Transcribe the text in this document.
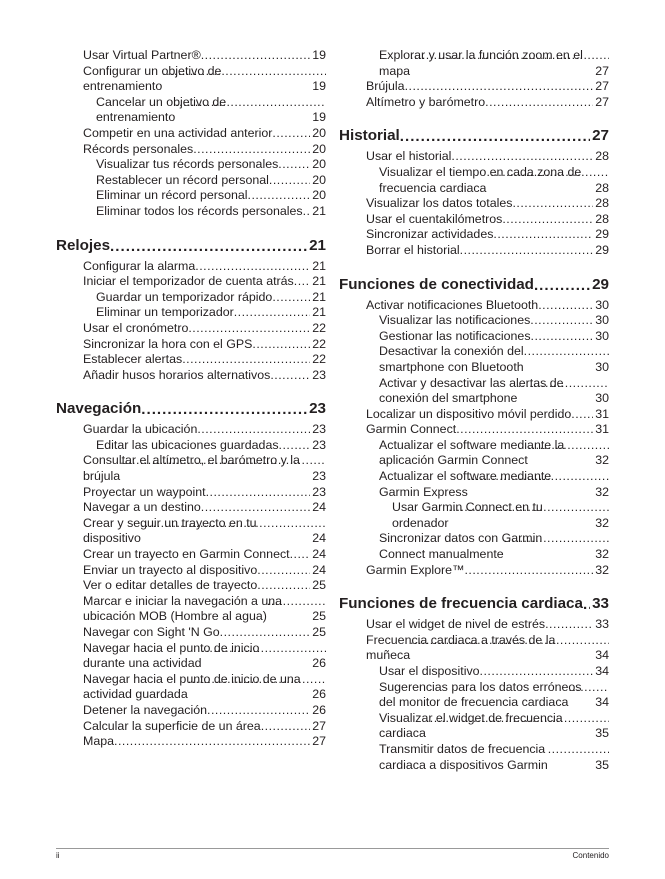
Usar Virtual Partner® .....	19
Configurar un objetivo de entrenamiento .....	19
Cancelar un objetivo de entrenamiento .....	19
Competir en una actividad anterior .....	20
Récords personales .....	20
Visualizar tus récords personales .....	20
Restablecer un récord personal .....	20
Eliminar un récord personal .....	20
Eliminar todos los récords personales ..... 21
Relojes .....	21
Configurar la alarma .....	21
Iniciar el temporizador de cuenta atrás ..... 21
Guardar un temporizador rápido .....	21
Eliminar un temporizador .....	21
Usar el cronómetro .....	22
Sincronizar la hora con el GPS .....	22
Establecer alertas .....	22
Añadir husos horarios alternativos .....	23
Navegación .....	23
Guardar la ubicación .....	23
Editar las ubicaciones guardadas .....	23
Consultar el altímetro, el barómetro y la brújula .....	23
Proyectar un waypoint .....	23
Navegar a un destino .....	24
Crear y seguir un trayecto en tu dispositivo .....	24
Crear un trayecto en Garmin Connect ..... 24
Enviar un trayecto al dispositivo .....	24
Ver o editar detalles de trayecto .....	25
Marcar e iniciar la navegación a una ubicación MOB (Hombre al agua) .....	25
Navegar con Sight 'N Go .....	25
Navegar hacia el punto de inicio durante una actividad .....	26
Navegar hacia el punto de inicio de una actividad guardada .....	26
Detener la navegación .....	26
Calcular la superficie de un área .....	27
Mapa .....	27
Explorar y usar la función zoom en el mapa .....	27
Brújula .....	27
Altímetro y barómetro .....	27
Historial .....	27
Usar el historial .....	28
Visualizar el tiempo en cada zona de frecuencia cardiaca .....	28
Visualizar los datos totales .....	28
Usar el cuentakilómetros .....	28
Sincronizar actividades .....	29
Borrar el historial .....	29
Funciones de conectividad .....	29
Activar notificaciones Bluetooth .....	30
Visualizar las notificaciones .....	30
Gestionar las notificaciones .....	30
Desactivar la conexión del smartphone con Bluetooth .....	30
Activar y desactivar las alertas de conexión del smartphone .....	30
Localizar un dispositivo móvil perdido ..... 31
Garmin Connect .....	31
Actualizar el software mediante la aplicación Garmin Connect .....	32
Actualizar el software mediante Garmin Express .....	32
Usar Garmin Connect en tu ordenador .....	32
Sincronizar datos con Garmin Connect manualmente .....	32
Garmin Explore™ .....	32
Funciones de frecuencia cardiaca ..... 33
Usar el widget de nivel de estrés .....	33
Frecuencia cardiaca a través de la muñeca .....	34
Usar el dispositivo .....	34
Sugerencias para los datos erróneos del monitor de frecuencia cardiaca ..... 34
Visualizar el widget de frecuencia cardiaca .....	35
Transmitir datos de frecuencia cardiaca a dispositivos Garmin .....	35
ii	Contenido
